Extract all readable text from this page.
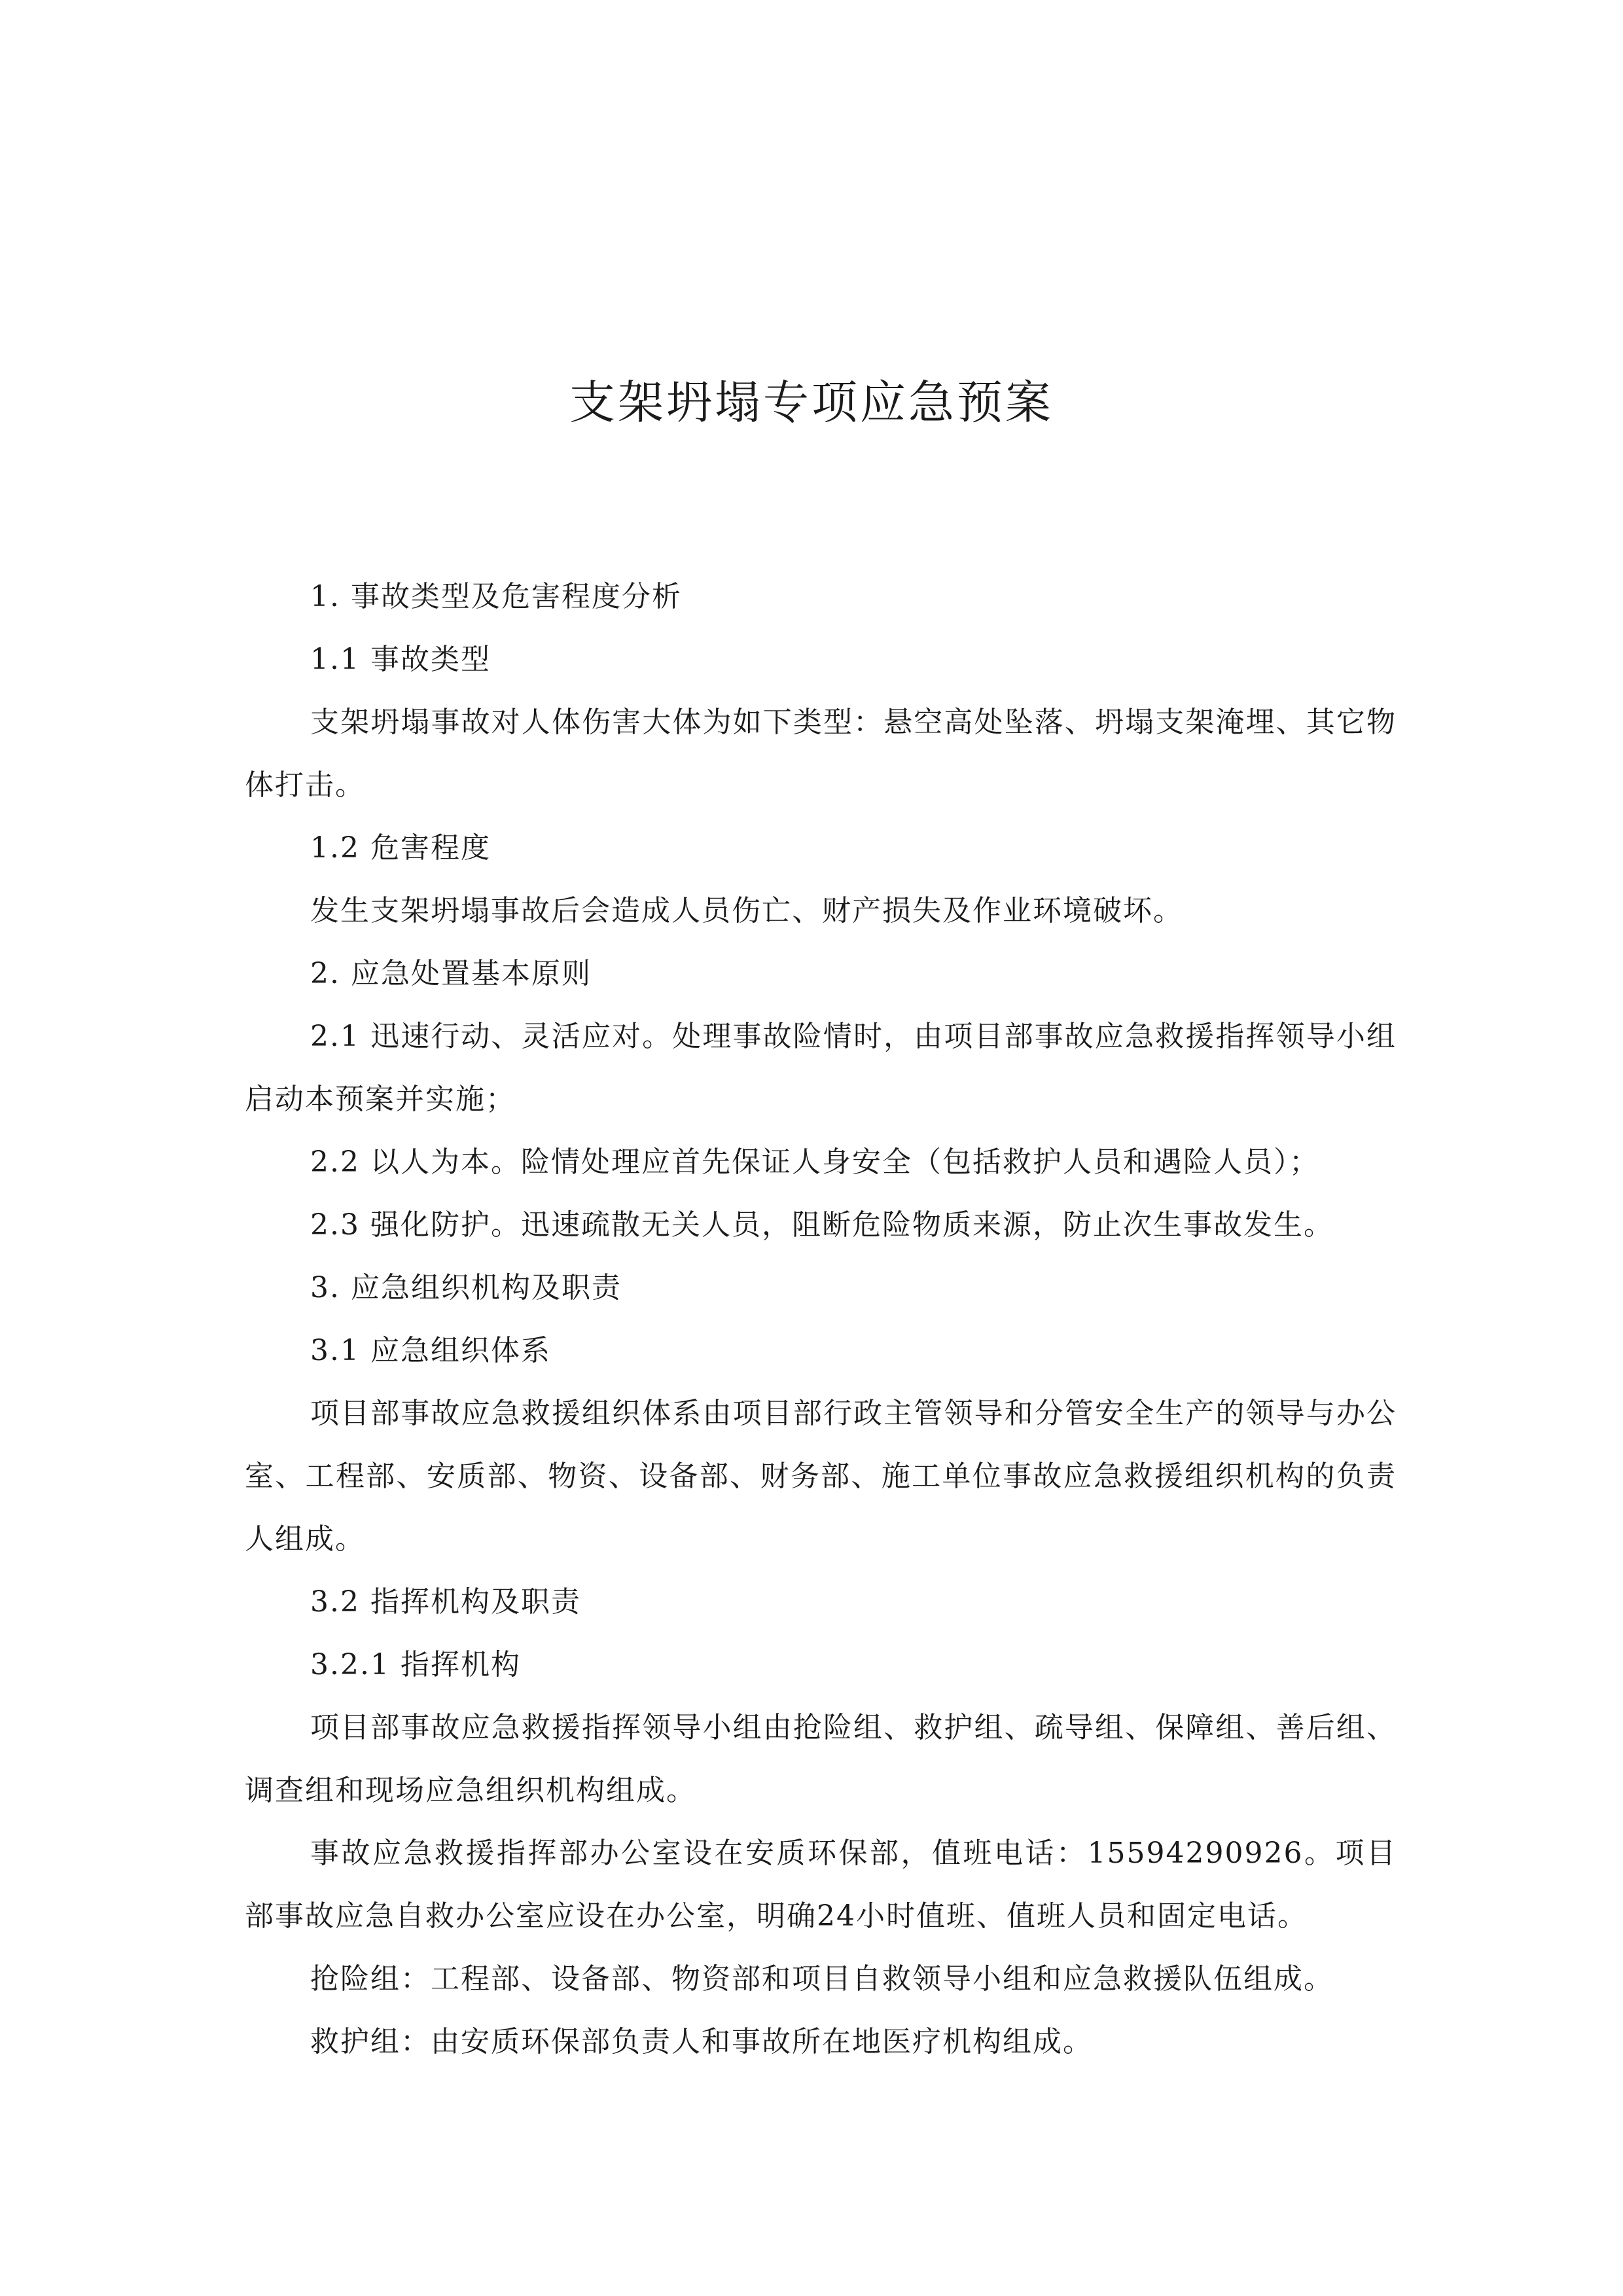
支架坍塌专项应急预案

1. 事故类型及危害程度分析

1.1 事故类型

支架坍塌事故对人体伤害大体为如下类型：悬空高处坠落、坍塌支架淹埋、其它物体打击。

1.2 危害程度

发生支架坍塌事故后会造成人员伤亡、财产损失及作业环境破坏。

2. 应急处置基本原则

2.1 迅速行动、灵活应对。处理事故险情时，由项目部事故应急救援指挥领导小组启动本预案并实施；

2.2 以人为本。险情处理应首先保证人身安全（包括救护人员和遇险人员）；

2.3 强化防护。迅速疏散无关人员，阻断危险物质来源，防止次生事故发生。

3. 应急组织机构及职责

3.1 应急组织体系

项目部事故应急救援组织体系由项目部行政主管领导和分管安全生产的领导与办公室、工程部、安质部、物资、设备部、财务部、施工单位事故应急救援组织机构的负责人组成。

3.2 指挥机构及职责

3.2.1 指挥机构

项目部事故应急救援指挥领导小组由抢险组、救护组、疏导组、保障组、善后组、调查组和现场应急组织机构组成。

事故应急救援指挥部办公室设在安质环保部，值班电话：15594290926。项目部事故应急自救办公室应设在办公室，明确24小时值班、值班人员和固定电话。

抢险组：工程部、设备部、物资部和项目自救领导小组和应急救援队伍组成。

救护组：由安质环保部负责人和事故所在地医疗机构组成。
